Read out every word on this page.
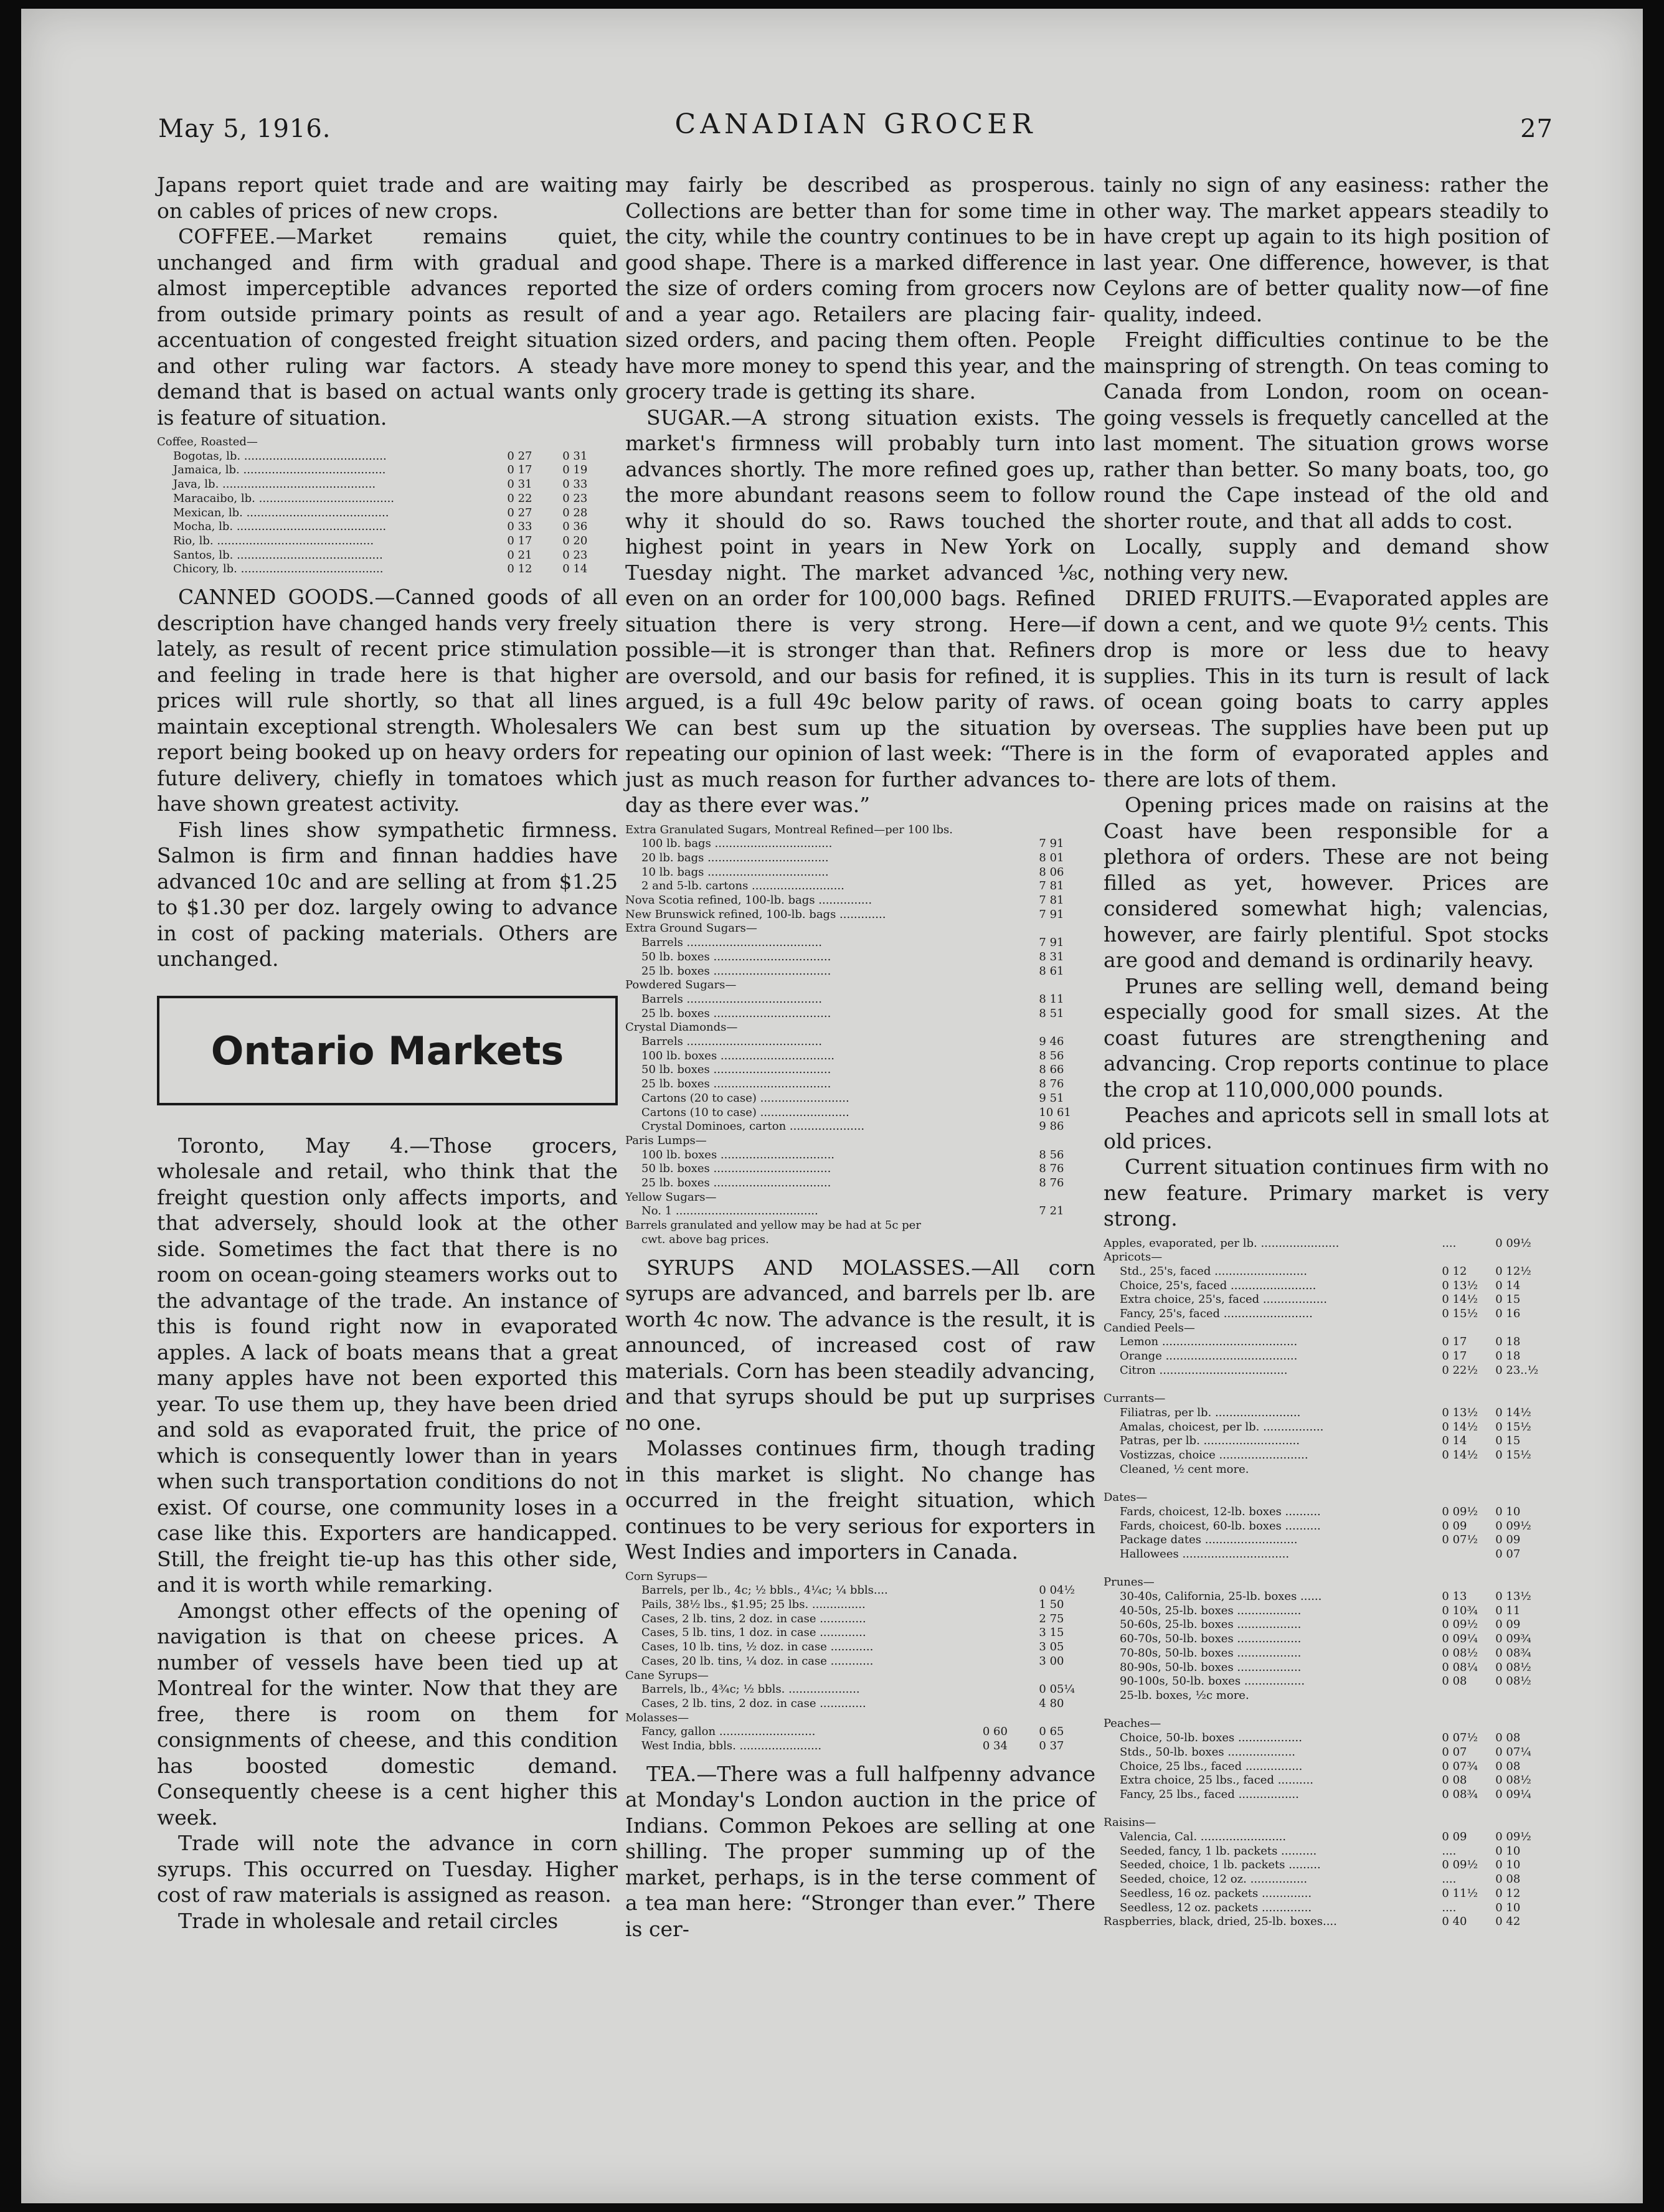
May 5, 1916.	CANADIAN GROCER	27

Japans report quiet trade and are waiting on cables of prices of new crops.

COFFEE.—Market remains quiet, unchanged and firm with gradual and almost imperceptible advances reported from outside primary points as result of accentuation of congested freight situation and other ruling war factors. A steady demand that is based on actual wants only is feature of situation.

Coffee, Roasted—		
Bogotas, lb. ........................................	0 27	0 31
Jamaica, lb. ........................................	0 17	0 19
Java, lb. ...........................................	0 31	0 33
Maracaibo, lb. ......................................	0 22	0 23
Mexican, lb. ........................................	0 27	0 28
Mocha, lb. ..........................................	0 33	0 36
Rio, lb. ............................................	0 17	0 20
Santos, lb. .........................................	0 21	0 23
Chicory, lb. ........................................	0 12	0 14

CANNED GOODS.—Canned goods of all description have changed hands very freely lately, as result of recent price stimulation and feeling in trade here is that higher prices will rule shortly, so that all lines maintain exceptional strength. Wholesalers report being booked up on heavy orders for future delivery, chiefly in tomatoes which have shown greatest activity.

Fish lines show sympathetic firmness. Salmon is firm and finnan haddies have advanced 10c and are selling at from $1.25 to $1.30 per doz. largely owing to advance in cost of packing materials. Others are unchanged.

Ontario Markets

Toronto, May 4.—Those grocers, wholesale and retail, who think that the freight question only affects imports, and that adversely, should look at the other side. Sometimes the fact that there is no room on ocean-going steamers works out to the advantage of the trade. An instance of this is found right now in evaporated apples. A lack of boats means that a great many apples have not been exported this year. To use them up, they have been dried and sold as evaporated fruit, the price of which is consequently lower than in years when such transportation conditions do not exist. Of course, one community loses in a case like this. Exporters are handicapped. Still, the freight tie-up has this other side, and it is worth while remarking.

Amongst other effects of the opening of navigation is that on cheese prices. A number of vessels have been tied up at Montreal for the winter. Now that they are free, there is room on them for consignments of cheese, and this condition has boosted domestic demand. Consequently cheese is a cent higher this week.

Trade will note the advance in corn syrups. This occurred on Tuesday. Higher cost of raw materials is assigned as reason.

Trade in wholesale and retail circles

may fairly be described as prosperous. Collections are better than for some time in the city, while the country continues to be in good shape. There is a marked difference in the size of orders coming from grocers now and a year ago. Retailers are placing fair-sized orders, and pacing them often. People have more money to spend this year, and the grocery trade is getting its share.

SUGAR.—A strong situation exists. The market's firmness will probably turn into advances shortly. The more refined goes up, the more abundant reasons seem to follow why it should do so. Raws touched the highest point in years in New York on Tuesday night. The market advanced ⅛c, even on an order for 100,000 bags. Refined situation there is very strong. Here—if possible—it is stronger than that. Refiners are oversold, and our basis for refined, it is argued, is a full 49c below parity of raws. We can best sum up the situation by repeating our opinion of last week: “There is just as much reason for further advances to-day as there ever was.”

Extra Granulated Sugars, Montreal Refined—per 100 lbs.	
100 lb. bags .................................	7 91
20 lb. bags ..................................	8 01
10 lb. bags ..................................	8 06
2 and 5-lb. cartons ..........................	7 81
Nova Scotia refined, 100-lb. bags ...............	7 81
New Brunswick refined, 100-lb. bags .............	7 91
Extra Ground Sugars—	
Barrels ......................................	7 91
50 lb. boxes .................................	8 31
25 lb. boxes .................................	8 61
Powdered Sugars—	
Barrels ......................................	8 11
25 lb. boxes .................................	8 51
Crystal Diamonds—	
Barrels ......................................	9 46
100 lb. boxes ................................	8 56
50 lb. boxes .................................	8 66
25 lb. boxes .................................	8 76
Cartons (20 to case) .........................	9 51
Cartons (10 to case) .........................	10 61
Crystal Dominoes, carton .....................	9 86
Paris Lumps—	
100 lb. boxes ................................	8 56
50 lb. boxes .................................	8 76
25 lb. boxes .................................	8 76
Yellow Sugars—	
No. 1 ........................................	7 21
Barrels granulated and yellow may be had at 5c per	
cwt. above bag prices.	

SYRUPS AND MOLASSES.—All corn syrups are advanced, and barrels per lb. are worth 4c now. The advance is the result, it is announced, of increased cost of raw materials. Corn has been steadily advancing, and that syrups should be put up surprises no one.

Molasses continues firm, though trading in this market is slight. No change has occurred in the freight situation, which continues to be very serious for exporters in West Indies and importers in Canada.

Corn Syrups—		
Barrels, per lb., 4c; ½ bbls., 4¼c; ¼ bbls....		0 04½
Pails, 38½ lbs., $1.95; 25 lbs. ...............		1 50
Cases, 2 lb. tins, 2 doz. in case .............		2 75
Cases, 5 lb. tins, 1 doz. in case .............		3 15
Cases, 10 lb. tins, ½ doz. in case ............		3 05
Cases, 20 lb. tins, ¼ doz. in case ............		3 00
Cane Syrups—		
Barrels, lb., 4¾c; ½ bbls. ....................		0 05¼
Cases, 2 lb. tins, 2 doz. in case .............		4 80
Molasses—		
Fancy, gallon ...........................	0 60	0 65
West India, bbls. .......................	0 34	0 37

TEA.—There was a full halfpenny advance at Monday's London auction in the price of Indians. Common Pekoes are selling at one shilling. The proper summing up of the market, perhaps, is in the terse comment of a tea man here: “Stronger than ever.” There is cer-

tainly no sign of any easiness: rather the other way. The market appears steadily to have crept up again to its high position of last year. One difference, however, is that Ceylons are of better quality now—of fine quality, indeed.

Freight difficulties continue to be the mainspring of strength. On teas coming to Canada from London, room on ocean-going vessels is frequetly cancelled at the last moment. The situation grows worse rather than better. So many boats, too, go round the Cape instead of the old and shorter route, and that all adds to cost.

Locally, supply and demand show nothing very new.

DRIED FRUITS.—Evaporated apples are down a cent, and we quote 9½ cents. This drop is more or less due to heavy supplies. This in its turn is result of lack of ocean going boats to carry apples overseas. The supplies have been put up in the form of evaporated apples and there are lots of them.

Opening prices made on raisins at the Coast have been responsible for a plethora of orders. These are not being filled as yet, however. Prices are considered somewhat high; valencias, however, are fairly plentiful. Spot stocks are good and demand is ordinarily heavy.

Prunes are selling well, demand being especially good for small sizes. At the coast futures are strengthening and advancing. Crop reports continue to place the crop at 110,000,000 pounds.

Peaches and apricots sell in small lots at old prices.

Current situation continues firm with no new feature. Primary market is very strong.

Apples, evaporated, per lb. ......................	....	0 09½
Apricots—		
Std., 25's, faced ..........................	0 12	0 12½
Choice, 25's, faced ........................	0 13½	0 14
Extra choice, 25's, faced ..................	0 14½	0 15
Fancy, 25's, faced .........................	0 15½	0 16
Candied Peels—		
Lemon ......................................	0 17	0 18
Orange .....................................	0 17	0 18
Citron ....................................	0 22½	0 23..½

Currants—		
Filiatras, per lb. ........................	0 13½	0 14½
Amalas, choicest, per lb. .................	0 14½	0 15½
Patras, per lb. ...........................	0 14	0 15
Vostizzas, choice .........................	0 14½	0 15½
Cleaned, ½ cent more.		

Dates—		
Fards, choicest, 12-lb. boxes ..........	0 09½	0 10
Fards, choicest, 60-lb. boxes ..........	0 09	0 09½
Package dates ..........................	0 07½	0 09
Hallowees ..............................		0 07

Prunes—		
30-40s, California, 25-lb. boxes ......	0 13	0 13½
40-50s, 25-lb. boxes ..................	0 10¾	0 11
50-60s, 25-lb. boxes ..................	0 09½	0 09
60-70s, 50-lb. boxes ..................	0 09¼	0 09¾
70-80s, 50-lb. boxes ..................	0 08½	0 08¾
80-90s, 50-lb. boxes ..................	0 08¼	0 08½
90-100s, 50-lb. boxes .................	0 08	0 08½
25-lb. boxes, ½c more.		

Peaches—		
Choice, 50-lb. boxes ..................	0 07½	0 08
Stds., 50-lb. boxes ...................	0 07	0 07¼
Choice, 25 lbs., faced ................	0 07¾	0 08
Extra choice, 25 lbs., faced ..........	0 08	0 08½
Fancy, 25 lbs., faced .................	0 08¾	0 09¼

Raisins—		
Valencia, Cal. ........................	0 09	0 09½
Seeded, fancy, 1 lb. packets ..........	....	0 10
Seeded, choice, 1 lb. packets .........	0 09½	0 10
Seeded, choice, 12 oz. ................	....	0 08
Seedless, 16 oz. packets ..............	0 11½	0 12
Seedless, 12 oz. packets ..............	....	0 10
Raspberries, black, dried, 25-lb. boxes....	0 40	0 42
